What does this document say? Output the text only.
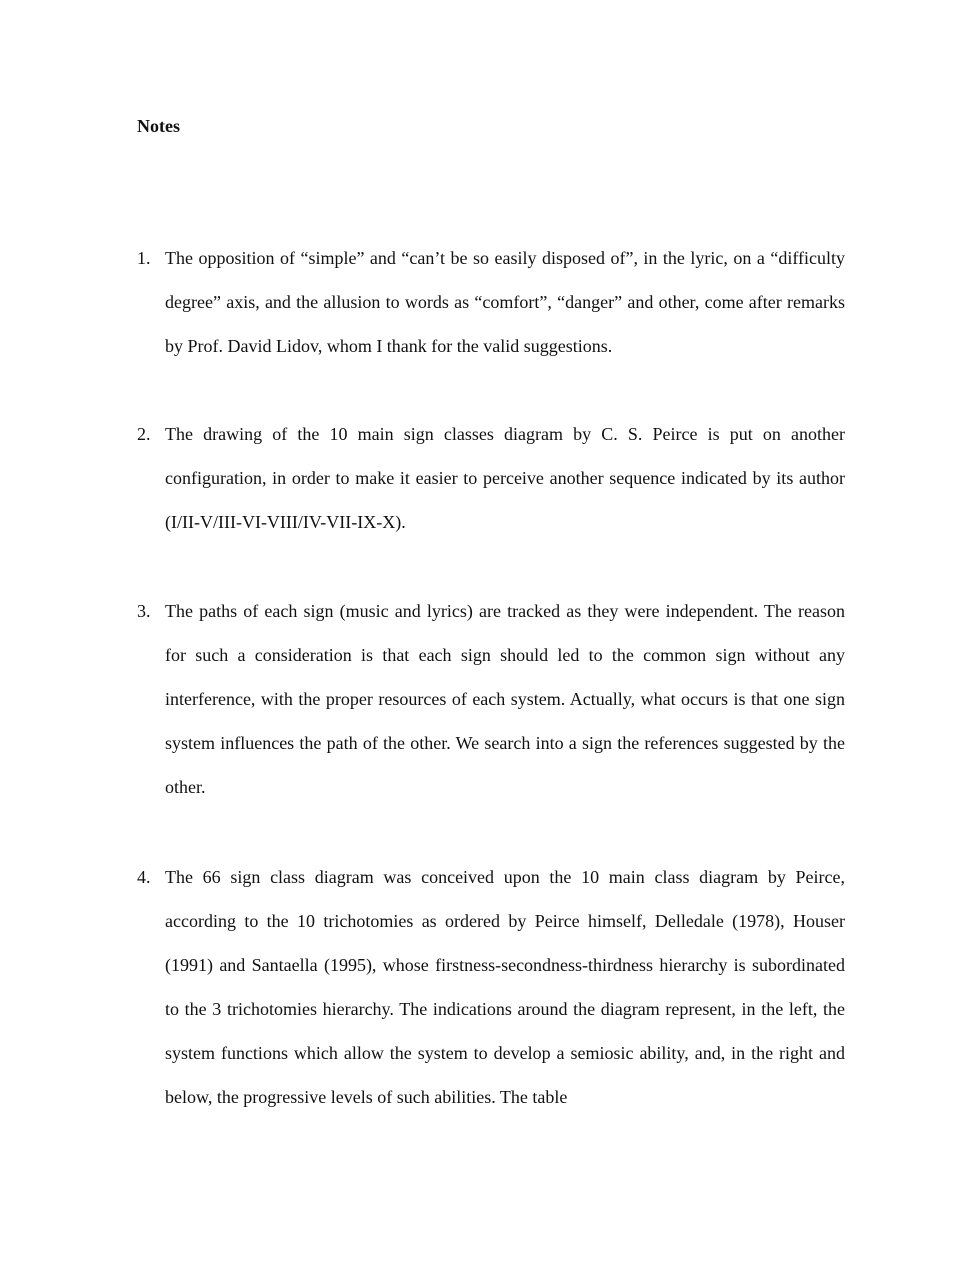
Notes
1. The opposition of “simple” and “can’t be so easily disposed of”, in the lyric, on a “difficulty degree” axis, and the allusion to words as “comfort”, “danger” and other, come after remarks by Prof. David Lidov, whom I thank for the valid suggestions.
2. The drawing of the 10 main sign classes diagram by C. S. Peirce is put on another configuration, in order to make it easier to perceive another sequence indicated by its author (I/II-V/III-VI-VIII/IV-VII-IX-X).
3. The paths of each sign (music and lyrics) are tracked as they were independent. The reason for such a consideration is that each sign should led to the common sign without any interference, with the proper resources of each system. Actually, what occurs is that one sign system influences the path of the other. We search into a sign the references suggested by the other.
4. The 66 sign class diagram was conceived upon the 10 main class diagram by Peirce, according to the 10 trichotomies as ordered by Peirce himself, Delledale (1978), Houser (1991) and Santaella (1995), whose firstness-secondness-thirdness hierarchy is subordinated to the 3 trichotomies hierarchy. The indications around the diagram represent, in the left, the system functions which allow the system to develop a semiosic ability, and, in the right and below, the progressive levels of such abilities. The table
